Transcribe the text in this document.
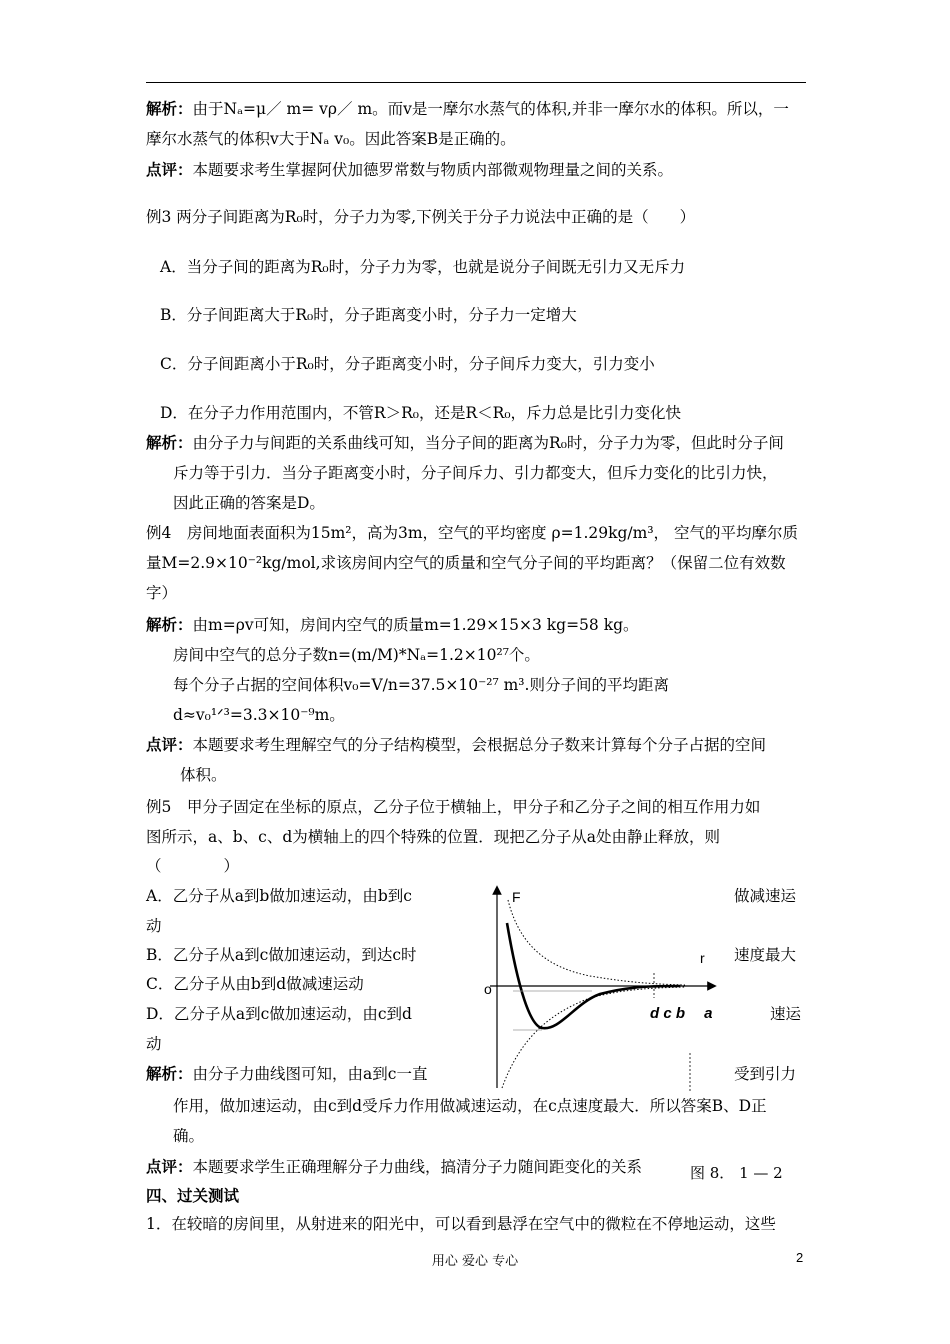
解析：由于Nₐ=μ／ m= vρ／ m。而v是一摩尔水蒸气的体积,并非一摩尔水的体积。所以，一
摩尔水蒸气的体积v大于Nₐ v₀。因此答案B是正确的。
点评：本题要求考生掌握阿伏加德罗常数与物质内部微观物理量之间的关系。
例3 两分子间距离为R₀时，分子力为零,下例关于分子力说法中正确的是（　　）
A．当分子间的距离为R₀时，分子力为零，也就是说分子间既无引力又无斥力
B．分子间距离大于R₀时，分子距离变小时，分子力一定增大
C．分子间距离小于R₀时，分子距离变小时，分子间斥力变大，引力变小
D．在分子力作用范围内，不管R＞R₀，还是R＜R₀，斥力总是比引力变化快
解析：由分子力与间距的关系曲线可知，当分子间的距离为R₀时，分子力为零，但此时分子间
斥力等于引力．当分子距离变小时，分子间斥力、引力都变大，但斥力变化的比引力快，
因此正确的答案是D。
例4　房间地面表面积为15m²，高为3m，空气的平均密度 ρ=1.29kg/m³， 空气的平均摩尔质
量M=2.9×10⁻²kg/mol,求该房间内空气的质量和空气分子间的平均距离？（保留二位有效数
字）
解析：由m=ρv可知，房间内空气的质量m=1.29×15×3 kg=58 kg。
房间中空气的总分子数n=(m/M)*Nₐ=1.2×10²⁷个。
每个分子占据的空间体积v₀=V/n=37.5×10⁻²⁷ m³.则分子间的平均距离
d≈v₀¹ᐟ³=3.3×10⁻⁹m。
点评：本题要求考生理解空气的分子结构模型，会根据总分子数来计算每个分子占据的空间
体积。
例5　甲分子固定在坐标的原点，乙分子位于横轴上，甲分子和乙分子之间的相互作用力如
图所示，a、b、c、d为横轴上的四个特殊的位置．现把乙分子从a处由静止释放，则
（　　　　）
A．乙分子从a到b做加速运动，由b到c	做减速运
动
B．乙分子从a到c做加速运动，到达c时	速度最大
C．乙分子从由b到d做减速运动
D．乙分子从a到c做加速运动，由c到d	速运
动
解析：由分子力曲线图可知，由a到c一直	受到引力
作用，做加速运动，由c到d受斥力作用做减速运动，在c点速度最大．所以答案B、D正
确。
点评：本题要求学生正确理解分子力曲线，搞清分子力随间距变化的关系	图 8． 1 — 2
F
r
o
d c b　 a
四、过关测试
1．在较暗的房间里，从射进来的阳光中，可以看到悬浮在空气中的微粒在不停地运动，这些
用心 爱心 专心	2
